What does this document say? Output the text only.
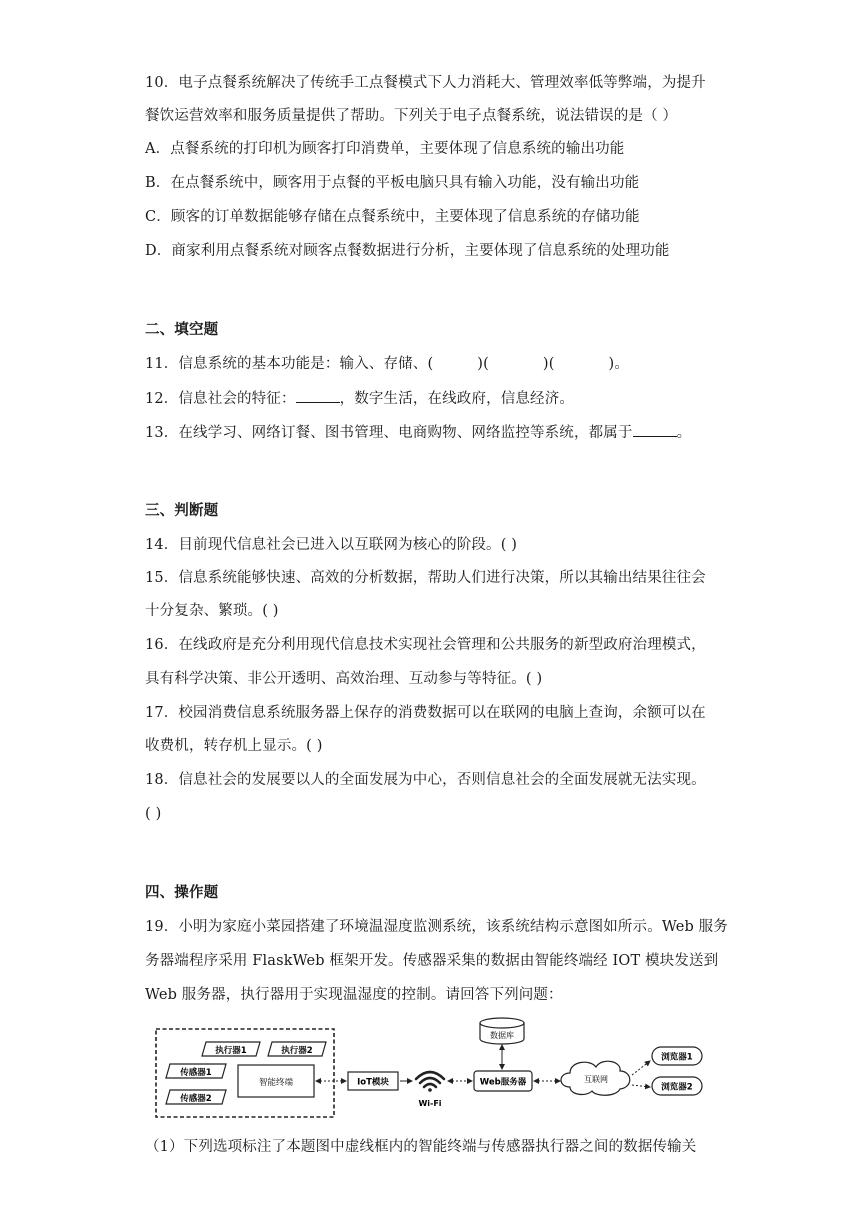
10．电子点餐系统解决了传统手工点餐模式下人力消耗大、管理效率低等弊端，为提升
餐饮运营效率和服务质量提供了帮助。下列关于电子点餐系统，说法错误的是（ ）
A．点餐系统的打印机为顾客打印消费单，主要体现了信息系统的输出功能
B．在点餐系统中，顾客用于点餐的平板电脑只具有输入功能，没有输出功能
C．顾客的订单数据能够存储在点餐系统中，主要体现了信息系统的存储功能
D．商家利用点餐系统对顾客点餐数据进行分析，主要体现了信息系统的处理功能
二、填空题
11．信息系统的基本功能是：输入、存储、(	)(	)(	)。
12．信息社会的特征：	，数字生活，在线政府，信息经济。
13．在线学习、网络订餐、图书管理、电商购物、网络监控等系统，都属于	。
三、判断题
14．目前现代信息社会已进入以互联网为核心的阶段。( )
15．信息系统能够快速、高效的分析数据，帮助人们进行决策，所以其输出结果往往会
十分复杂、繁琐。( )
16．在线政府是充分利用现代信息技术实现社会管理和公共服务的新型政府治理模式，
具有科学决策、非公开透明、高效治理、互动参与等特征。( )
17．校园消费信息系统服务器上保存的消费数据可以在联网的电脑上查询，余额可以在
收费机，转存机上显示。( )
18．信息社会的发展要以人的全面发展为中心，否则信息社会的全面发展就无法实现。
( )
四、操作题
19．小明为家庭小菜园搭建了环境温湿度监测系统，该系统结构示意图如所示。Web 服务
务器端程序采用 FlaskWeb 框架开发。传感器采集的数据由智能终端经 IOT 模块发送到
Web 服务器，执行器用于实现温湿度的控制。请回答下列问题：
执行器1	执行器2
传感器1
传感器2
智能终端	IoT模块
Wi-Fi
数据库
Web服务器	互联网
浏览器1
浏览器2
（1）下列选项标注了本题图中虚线框内的智能终端与传感器执行器之间的数据传输关
